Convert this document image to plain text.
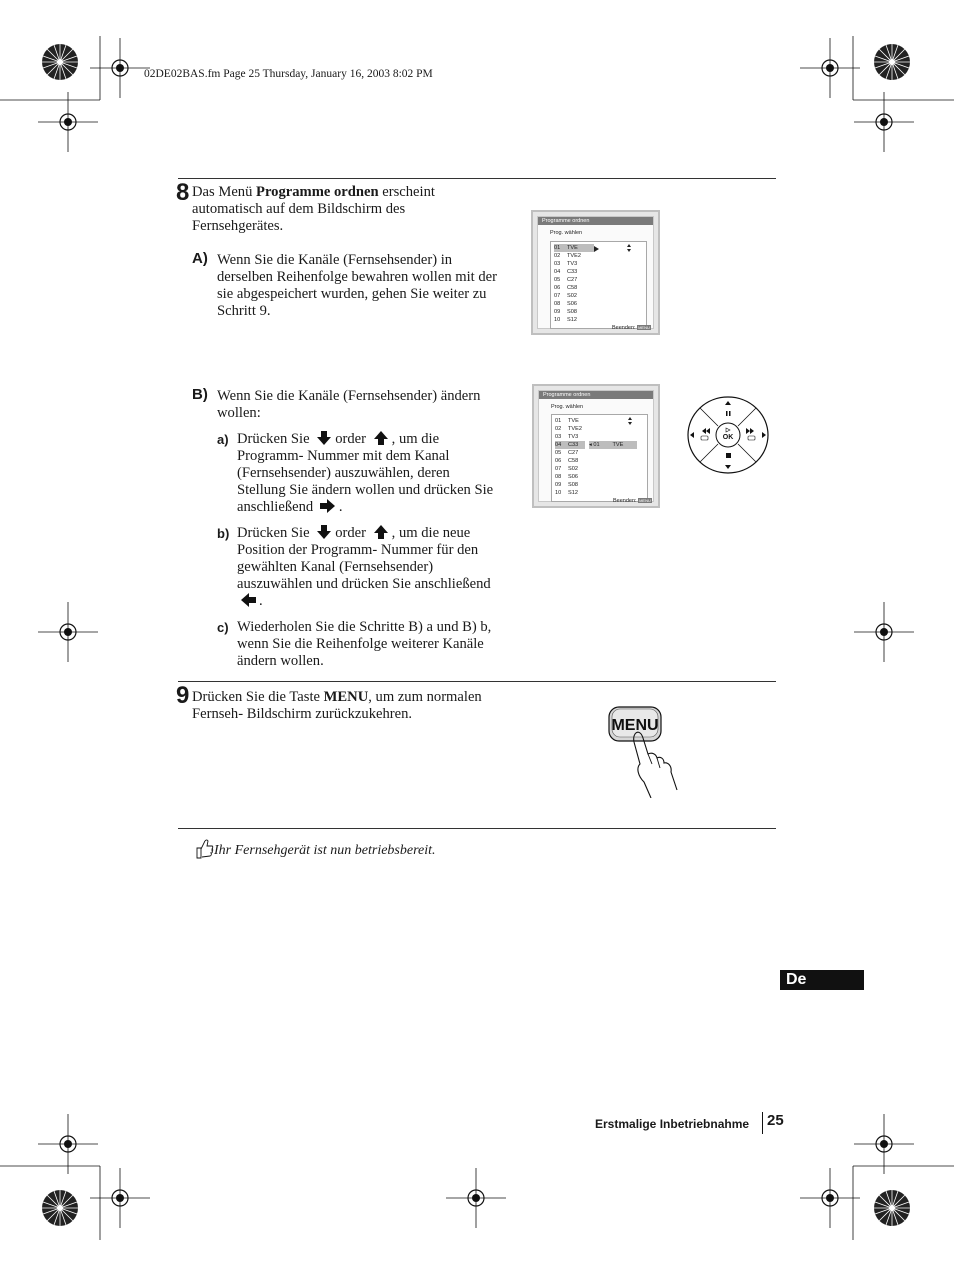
02DE02BAS.fm Page 25 Thursday, January 16, 2003 8:02 PM
8 Das Menü Programme ordnen erscheint
automatisch auf dem Bildschirm des
Fernsehgerätes.
A) Wenn Sie die Kanäle (Fernsehsender) in
derselben Reihenfolge bewahren wollen mit der
sie abgespeichert wurden, gehen Sie weiter zu
Schritt 9.
B) Wenn Sie die Kanäle (Fernsehsender) ändern
wollen:
a) Drücken Sie order , um die
Programm- Nummer mit dem Kanal
(Fernsehsender) auszuwählen, deren
Stellung Sie ändern wollen und drücken Sie
anschließend .
b) Drücken Sie order , um die neue
Position der Programm- Nummer für den
gewählten Kanal (Fernsehsender)
auszuwählen und drücken Sie anschließend
.
c) Wiederholen Sie die Schritte B) a und B) b,
wenn Sie die Reihenfolge weiterer Kanäle
ändern wollen.
Programme ordnen
Prog. wählen
01 TVE
02 TVE2
03 TV3
04 C33
05 C27
06 C58
07 S02
08 S06
09 S08
10 S12
Beenden: MENU
Programme ordnen
Prog. wählen
01 TVE
02 TVE2
03 TV3
04 C33
05 C27
06 C58
07 S02
08 S06
09 S08
10 S12
◂ 01 TVE
Beenden: MENU
OK
9 Drücken Sie die Taste MENU, um zum normalen
Fernseh- Bildschirm zurückzukehren.
MENU
Ihr Fernsehgerät ist nun betriebsbereit.
De
Erstmalige Inbetriebnahme 25
